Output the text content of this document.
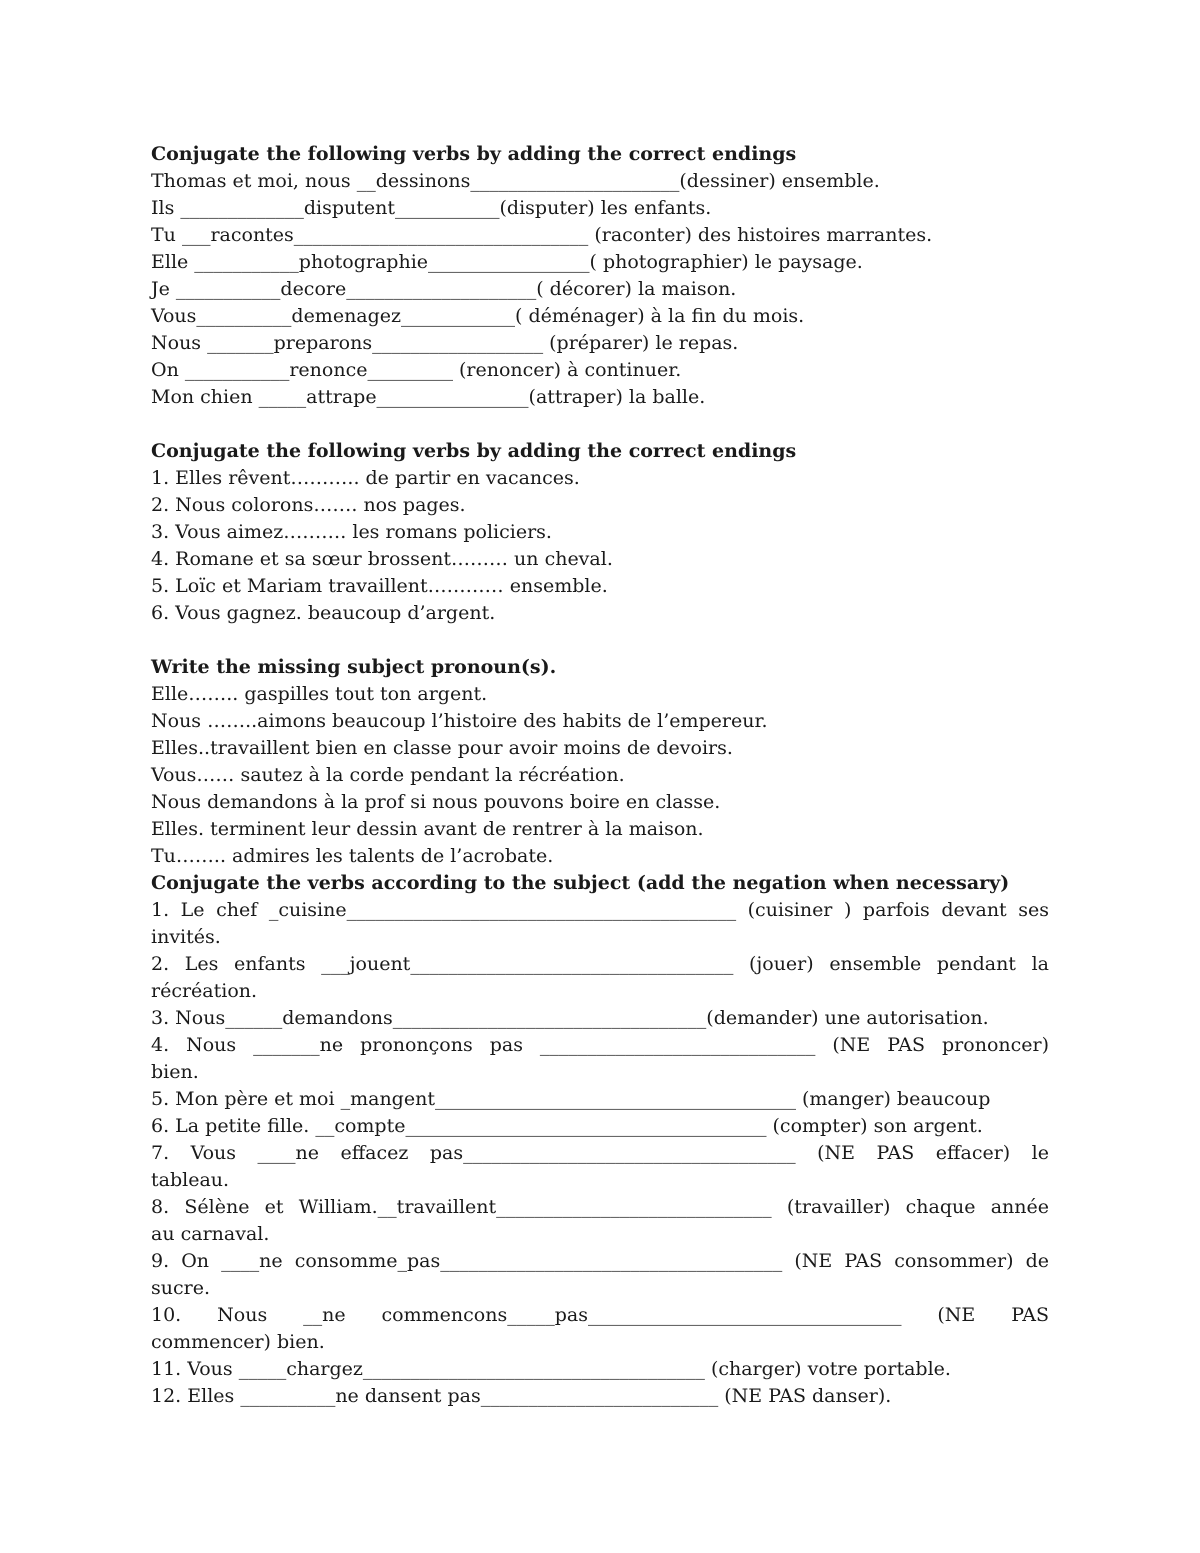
Conjugate the following verbs by adding the correct endings

Thomas et moi, nous __dessinons______________________(dessiner) ensemble.

Ils _____________disputent___________(disputer) les enfants.

Tu ___racontes_______________________________ (raconter) des histoires marrantes.

Elle ___________photographie_________________( photographier) le paysage.

Je ___________decore____________________( décorer) la maison.

Vous__________demenagez____________( déménager) à la fin du mois.

Nous _______preparons__________________ (préparer) le repas.

On ___________renonce_________ (renoncer) à continuer.

Mon chien _____attrape________________(attraper) la balle.

Conjugate the following verbs by adding the correct endings

1. Elles rêvent……….. de partir en vacances.

2. Nous colorons……. nos pages.

3. Vous aimez………. les romans policiers.

4. Romane et sa sœur brossent……… un cheval.

5. Loïc et Mariam travaillent………… ensemble.

6. Vous gagnez. beaucoup d’argent.

Write the missing subject pronoun(s).

Elle…….. gaspilles tout ton argent.

Nous ……..aimons beaucoup l’histoire des habits de l’empereur.

Elles..travaillent bien en classe pour avoir moins de devoirs.

Vous…… sautez à la corde pendant la récréation.

Nous demandons à la prof si nous pouvons boire en classe.

Elles. terminent leur dessin avant de rentrer à la maison.

Tu…….. admires les talents de l’acrobate.

Conjugate the verbs according to the subject (add the negation when necessary)

1. Le chef _cuisine_________________________________________ (cuisiner ) parfois devant ses

invités.

2. Les enfants ___jouent__________________________________ (jouer) ensemble pendant la

récréation.

3. Nous______demandons_________________________________(demander) une autorisation.

4. Nous _______ne prononçons pas _____________________________ (NE PAS prononcer)

bien.

5. Mon père et moi _mangent______________________________________ (manger) beaucoup

6. La petite fille. __compte______________________________________ (compter) son argent.

7. Vous ____ne effacez pas___________________________________ (NE PAS effacer) le

tableau.

8. Sélène et William.__travaillent_____________________________ (travailler) chaque année

au carnaval.

9. On ____ne consomme_pas____________________________________ (NE PAS consommer) de

sucre.

10. Nous __ne commencons_____pas_________________________________ (NE PAS

commencer) bien.

11. Vous _____chargez____________________________________ (charger) votre portable.

12. Elles __________ne dansent pas_________________________ (NE PAS danser).
